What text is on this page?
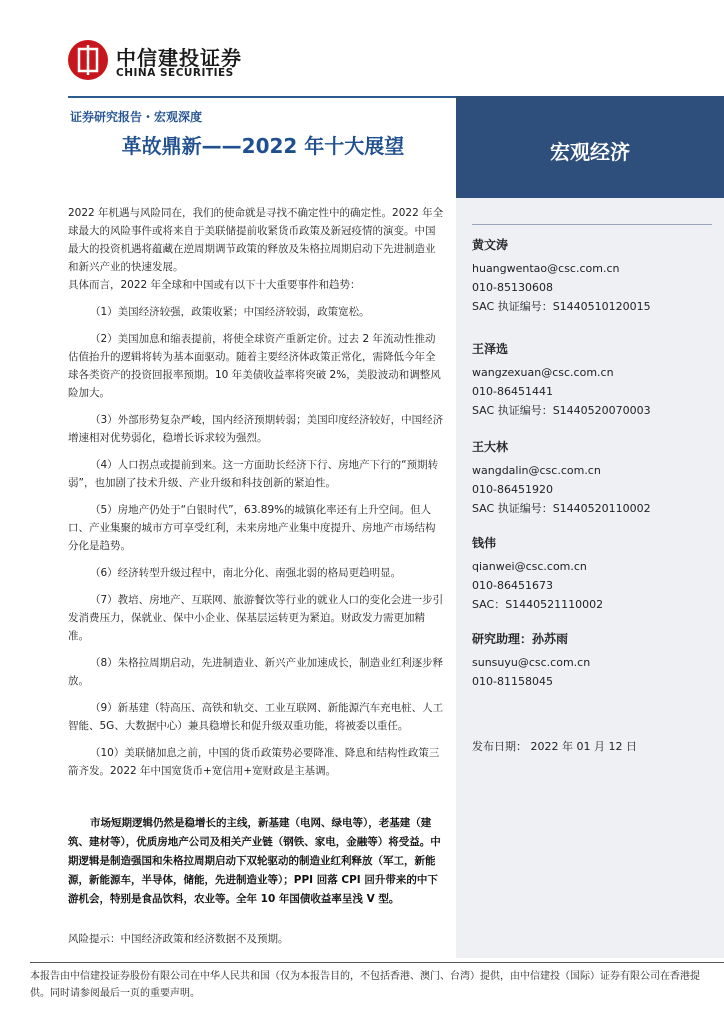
中信建投证券
CHINA SECURITIES
证券研究报告・宏观深度
革故鼎新——2022 年十大展望	宏观经济
黄文涛
huangwentao@csc.com.cn
010-85130608
SAC 执证编号：S1440510120015
王泽选
wangzexuan@csc.com.cn
010-86451441
SAC 执证编号：S1440520070003
王大林
wangdalin@csc.com.cn
010-86451920
SAC 执证编号：S1440520110002
钱伟
qianwei@csc.com.cn
010-86451673
SAC：S1440521110002
研究助理：孙苏雨
sunsuyu@csc.com.cn
010-81158045
发布日期： 2022 年 01 月 12 日

2022 年机遇与风险同在，我们的使命就是寻找不确定性中的确定性。2022 年全球最大的风险事件或将来自于美联储提前收紧货币政策及新冠疫情的演变。中国最大的投资机遇将蕴藏在逆周期调节政策的释放及朱格拉周期启动下先进制造业和新兴产业的快速发展。

具体而言，2022 年全球和中国或有以下十大重要事件和趋势：

（1）美国经济较强，政策收紧；中国经济较弱，政策宽松。

（2）美国加息和缩表提前，将使全球资产重新定价。过去 2 年流动性推动估值抬升的逻辑将转为基本面驱动。随着主要经济体政策正常化，需降低今年全球各类资产的投资回报率预期。10 年美债收益率将突破 2%，美股波动和调整风险加大。

（3）外部形势复杂严峻，国内经济预期转弱；美国印度经济较好，中国经济增速相对优势弱化，稳增长诉求较为强烈。

（4）人口拐点或提前到来。这一方面助长经济下行、房地产下行的“预期转弱”，也加剧了技术升级、产业升级和科技创新的紧迫性。

（5）房地产仍处于“白银时代”，63.89%的城镇化率还有上升空间。但人口、产业集聚的城市方可享受红利，未来房地产业集中度提升、房地产市场结构分化是趋势。

（6）经济转型升级过程中，南北分化、南强北弱的格局更趋明显。

（7）教培、房地产、互联网、旅游餐饮等行业的就业人口的变化会进一步引发消费压力，保就业、保中小企业、保基层运转更为紧迫。财政发力需更加精准。

（8）朱格拉周期启动，先进制造业、新兴产业加速成长，制造业红利逐步释放。

（9）新基建（特高压、高铁和轨交、工业互联网、新能源汽车充电桩、人工智能、5G、大数据中心）兼具稳增长和促升级双重功能，将被委以重任。

（10）美联储加息之前，中国的货币政策势必要降准、降息和结构性政策三箭齐发。2022 年中国宽货币+宽信用+宽财政是主基调。

市场短期逻辑仍然是稳增长的主线，新基建（电网、绿电等），老基建（建筑、建材等），优质房地产公司及相关产业链（钢铁、家电，金融等）将受益。中期逻辑是制造强国和朱格拉周期启动下双轮驱动的制造业红利释放（军工，新能源，新能源车，半导体，储能，先进制造业等）；PPI 回落 CPI 回升带来的中下游机会，特别是食品饮料，农业等。全年 10 年国债收益率呈浅 V 型。

风险提示：中国经济政策和经济数据不及预期。
本报告由中信建投证券股份有限公司在中华人民共和国（仅为本报告目的，不包括香港、澳门、台湾）提供，由中信建投（国际）证券有限公司在香港提供。同时请参阅最后一页的重要声明。
